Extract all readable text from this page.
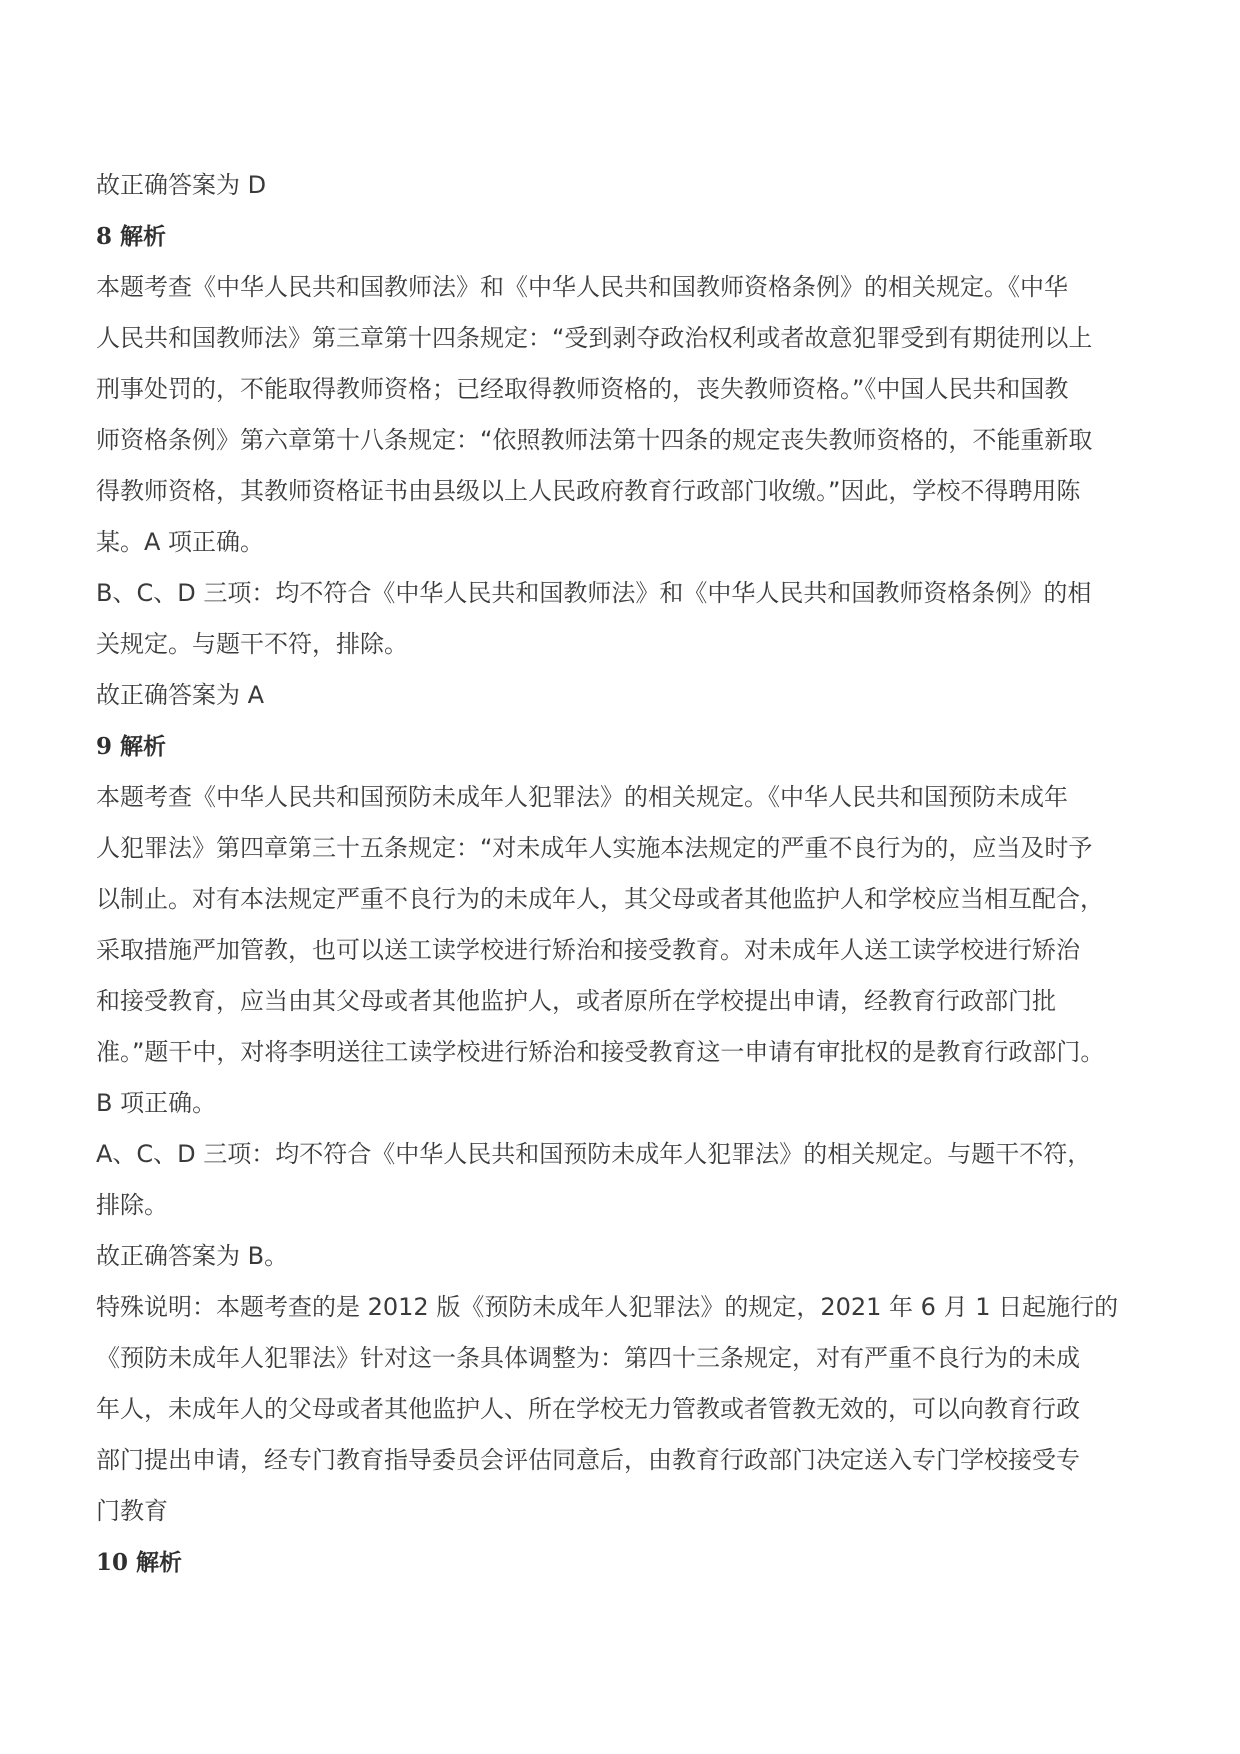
故正确答案为 D
8 解析
本题考查《中华人民共和国教师法》和《中华人民共和国教师资格条例》的相关规定。《中华
人民共和国教师法》第三章第十四条规定：“受到剥夺政治权利或者故意犯罪受到有期徒刑以上
刑事处罚的，不能取得教师资格；已经取得教师资格的，丧失教师资格。”《中国人民共和国教
师资格条例》第六章第十八条规定：“依照教师法第十四条的规定丧失教师资格的，不能重新取
得教师资格，其教师资格证书由县级以上人民政府教育行政部门收缴。”因此，学校不得聘用陈
某。A 项正确。
B、C、D 三项：均不符合《中华人民共和国教师法》和《中华人民共和国教师资格条例》的相
关规定。与题干不符，排除。
故正确答案为 A
9 解析
本题考查《中华人民共和国预防未成年人犯罪法》的相关规定。《中华人民共和国预防未成年
人犯罪法》第四章第三十五条规定：“对未成年人实施本法规定的严重不良行为的，应当及时予
以制止。对有本法规定严重不良行为的未成年人，其父母或者其他监护人和学校应当相互配合，
采取措施严加管教，也可以送工读学校进行矫治和接受教育。对未成年人送工读学校进行矫治
和接受教育，应当由其父母或者其他监护人，或者原所在学校提出申请，经教育行政部门批
准。”题干中，对将李明送往工读学校进行矫治和接受教育这一申请有审批权的是教育行政部门。
B 项正确。
A、C、D 三项：均不符合《中华人民共和国预防未成年人犯罪法》的相关规定。与题干不符，
排除。
故正确答案为 B。
特殊说明：本题考查的是 2012 版《预防未成年人犯罪法》的规定，2021 年 6 月 1 日起施行的
《预防未成年人犯罪法》针对这一条具体调整为：第四十三条规定，对有严重不良行为的未成
年人，未成年人的父母或者其他监护人、所在学校无力管教或者管教无效的，可以向教育行政
部门提出申请，经专门教育指导委员会评估同意后，由教育行政部门决定送入专门学校接受专
门教育
10 解析
